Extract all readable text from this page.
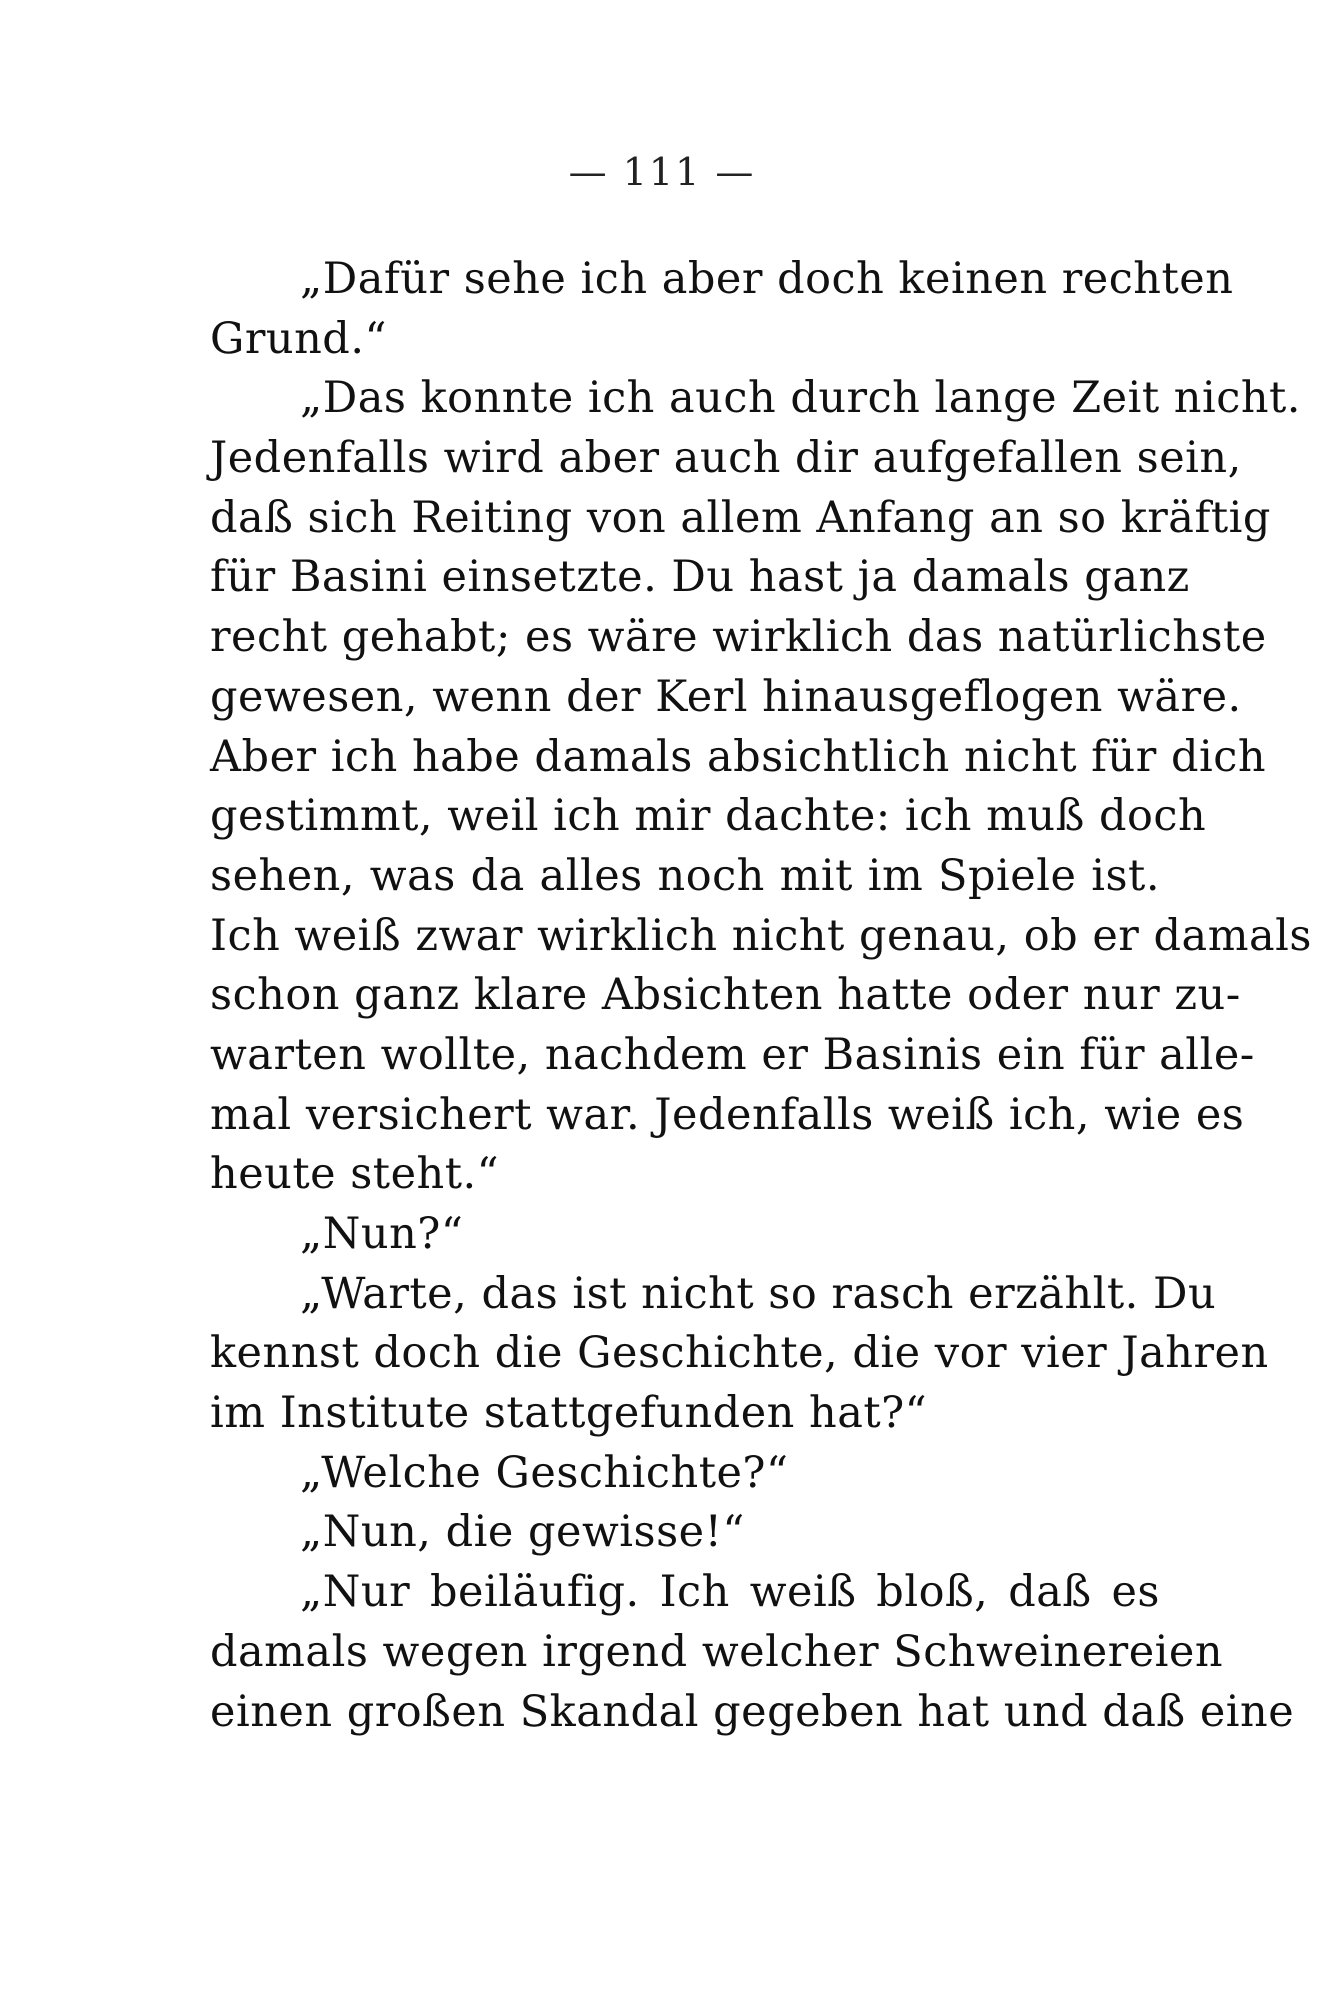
— 111 —
„Dafür sehe ich aber doch keinen rechten
Grund.“
„Das konnte ich auch durch lange Zeit nicht.
Jedenfalls wird aber auch dir aufgefallen sein,
daß sich Reiting von allem Anfang an so kräftig
für Basini einsetzte. Du hast ja damals ganz
recht gehabt; es wäre wirklich das natürlichste
gewesen, wenn der Kerl hinausgeflogen wäre.
Aber ich habe damals absichtlich nicht für dich
gestimmt, weil ich mir dachte: ich muß doch
sehen, was da alles noch mit im Spiele ist.
Ich weiß zwar wirklich nicht genau, ob er damals
schon ganz klare Absichten hatte oder nur zu-
warten wollte, nachdem er Basinis ein für alle-
mal versichert war. Jedenfalls weiß ich, wie es
heute steht.“
„Nun?“
„Warte, das ist nicht so rasch erzählt. Du
kennst doch die Geschichte, die vor vier Jahren
im Institute stattgefunden hat?“
„Welche Geschichte?“
„Nun, die gewisse!“
„Nur beiläufig. Ich weiß bloß, daß es
damals wegen irgend welcher Schweinereien
einen großen Skandal gegeben hat und daß eine
